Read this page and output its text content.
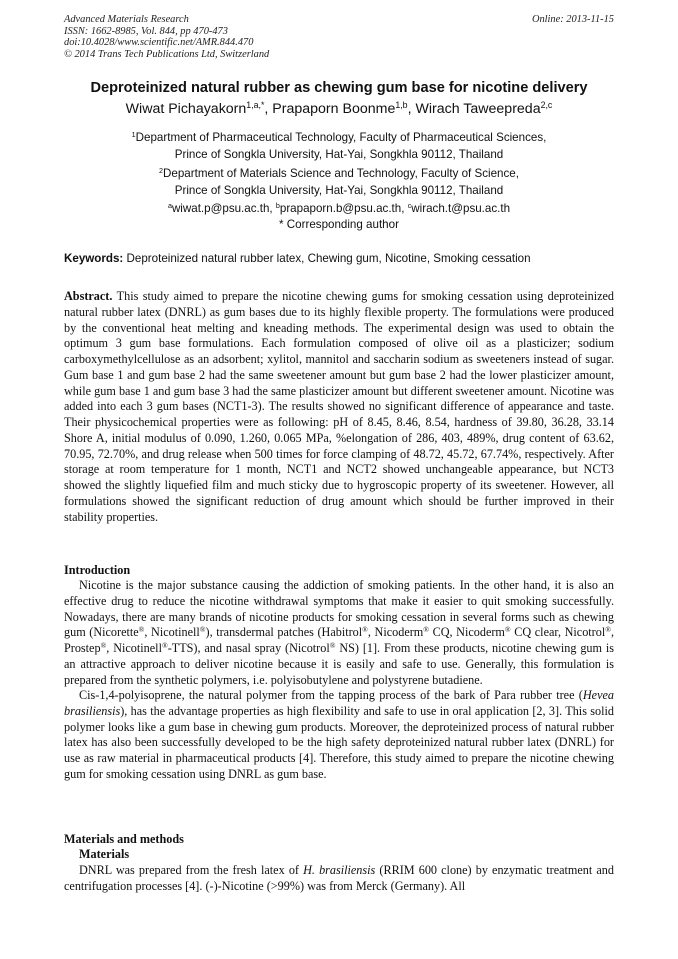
Advanced Materials Research
ISSN: 1662-8985, Vol. 844, pp 470-473
doi:10.4028/www.scientific.net/AMR.844.470
© 2014 Trans Tech Publications Ltd, Switzerland
Online: 2013-11-15
Deproteinized natural rubber as chewing gum base for nicotine delivery
Wiwat Pichayakorn$^{1,a,*}$, Prapaporn Boonme$^{1,b}$, Wirach Taweepreda$^{2,c}$
$^1$Department of Pharmaceutical Technology, Faculty of Pharmaceutical Sciences,
Prince of Songkla University, Hat-Yai, Songkhla 90112, Thailand
$^2$Department of Materials Science and Technology, Faculty of Science,
Prince of Songkla University, Hat-Yai, Songkhla 90112, Thailand
$^a$wiwat.p@psu.ac.th, $^b$prapaporn.b@psu.ac.th, $^c$wirach.t@psu.ac.th
* Corresponding author
Keywords: Deproteinized natural rubber latex, Chewing gum, Nicotine, Smoking cessation
Abstract. This study aimed to prepare the nicotine chewing gums for smoking cessation using deproteinized natural rubber latex (DNRL) as gum bases due to its highly flexible property. The formulations were produced by the conventional heat melting and kneading methods. The experimental design was used to obtain the optimum 3 gum base formulations. Each formulation composed of olive oil as a plasticizer; sodium carboxymethylcellulose as an adsorbent; xylitol, mannitol and saccharin sodium as sweeteners instead of sugar. Gum base 1 and gum base 2 had the same sweetener amount but gum base 2 had the lower plasticizer amount, while gum base 1 and gum base 3 had the same plasticizer amount but different sweetener amount. Nicotine was added into each 3 gum bases (NCT1-3). The results showed no significant difference of appearance and taste. Their physicochemical properties were as following: pH of 8.45, 8.46, 8.54, hardness of 39.80, 36.28, 33.14 Shore A, initial modulus of 0.090, 1.260, 0.065 MPa, %elongation of 286, 403, 489%, drug content of 63.62, 70.95, 72.70%, and drug release when 500 times for force clamping of 48.72, 45.72, 67.74%, respectively. After storage at room temperature for 1 month, NCT1 and NCT2 showed unchangeable appearance, but NCT3 showed the slightly liquefied film and much sticky due to hygroscopic property of its sweetener. However, all formulations showed the significant reduction of drug amount which should be further improved in their stability properties.
Introduction
Nicotine is the major substance causing the addiction of smoking patients. In the other hand, it is also an effective drug to reduce the nicotine withdrawal symptoms that make it easier to quit smoking successfully. Nowadays, there are many brands of nicotine products for smoking cessation in several forms such as chewing gum (Nicorette®, Nicotinell®), transdermal patches (Habitrol®, Nicoderm® CQ, Nicoderm® CQ clear, Nicotrol®, Prostep®, Nicotinell®-TTS), and nasal spray (Nicotrol® NS) [1]. From these products, nicotine chewing gum is an attractive approach to deliver nicotine because it is easily and safe to use. Generally, this formulation is prepared from the synthetic polymers, i.e. polyisobutylene and polystyrene butadiene.
Cis-1,4-polyisoprene, the natural polymer from the tapping process of the bark of Para rubber tree (Hevea brasiliensis), has the advantage properties as high flexibility and safe to use in oral application [2, 3]. This solid polymer looks like a gum base in chewing gum products. Moreover, the deproteinized process of natural rubber latex has also been successfully developed to be the high safety deproteinized natural rubber latex (DNRL) for use as raw material in pharmaceutical products [4]. Therefore, this study aimed to prepare the nicotine chewing gum for smoking cessation using DNRL as gum base.
Materials and methods
Materials
DNRL was prepared from the fresh latex of H. brasiliensis (RRIM 600 clone) by enzymatic treatment and centrifugation processes [4]. (-)-Nicotine (>99%) was from Merck (Germany). All
